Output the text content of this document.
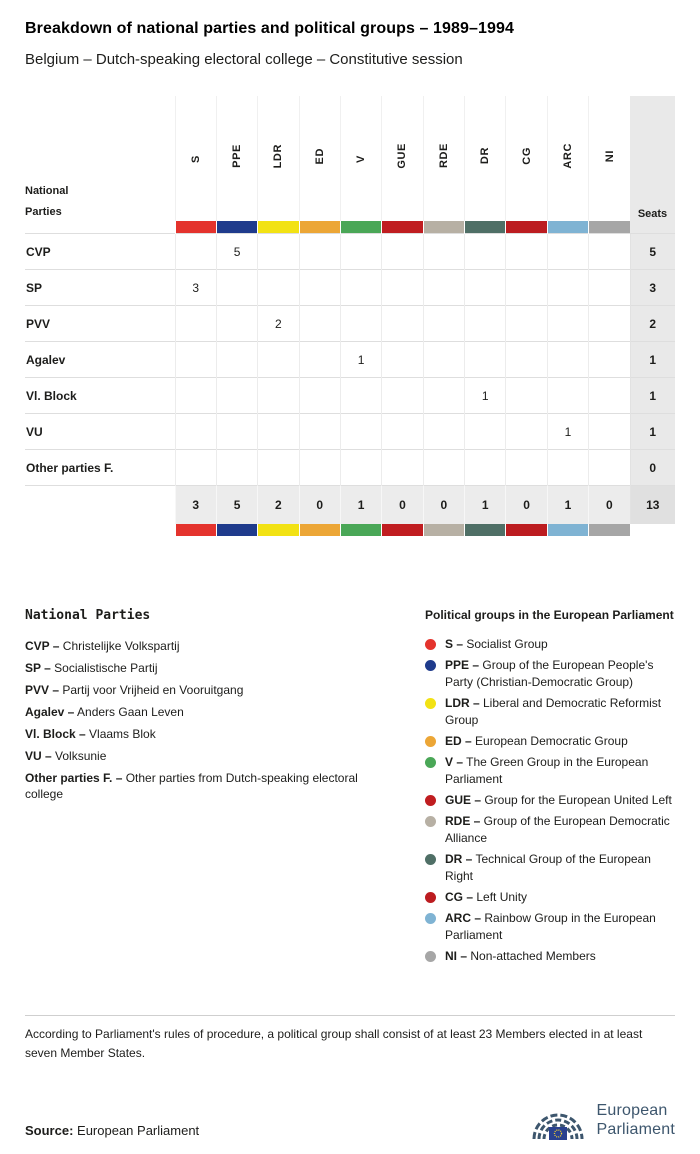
Breakdown of national parties and political groups – 1989–1994
Belgium – Dutch-speaking electoral college – Constitutive session
National
Parties	S	PPE	LDR	ED	V	GUE	RDE	DR	CG	ARC	NI	Seats

CVP		5										5
SP	3											3
PVV			2									2
Agalev					1							1
Vl. Block								1				1
VU										1		1
Other parties F.												0
	3	5	2	0	1	0	0	1	0	1	0	13

National Parties
CVP – Christelijke Volkspartij
SP – Socialistische Partij
PVV – Partij voor Vrijheid en Vooruitgang
Agalev – Anders Gaan Leven
Vl. Block – Vlaams Blok
VU – Volksunie
Other parties F. – Other parties from Dutch-speaking electoral college
Political groups in the European Parliament
S – Socialist Group
PPE – Group of the European People's Party (Christian-Democratic Group)
LDR – Liberal and Democratic Reformist Group
ED – European Democratic Group
V – The Green Group in the European Parliament
GUE – Group for the European United Left
RDE – Group of the European Democratic Alliance
DR – Technical Group of the European Right
CG – Left Unity
ARC – Rainbow Group in the European Parliament
NI – Non-attached Members

According to Parliament's rules of procedure, a political group shall consist of at least 23 Members elected in at least seven Member States.

Source: European Parliament
European
Parliament
